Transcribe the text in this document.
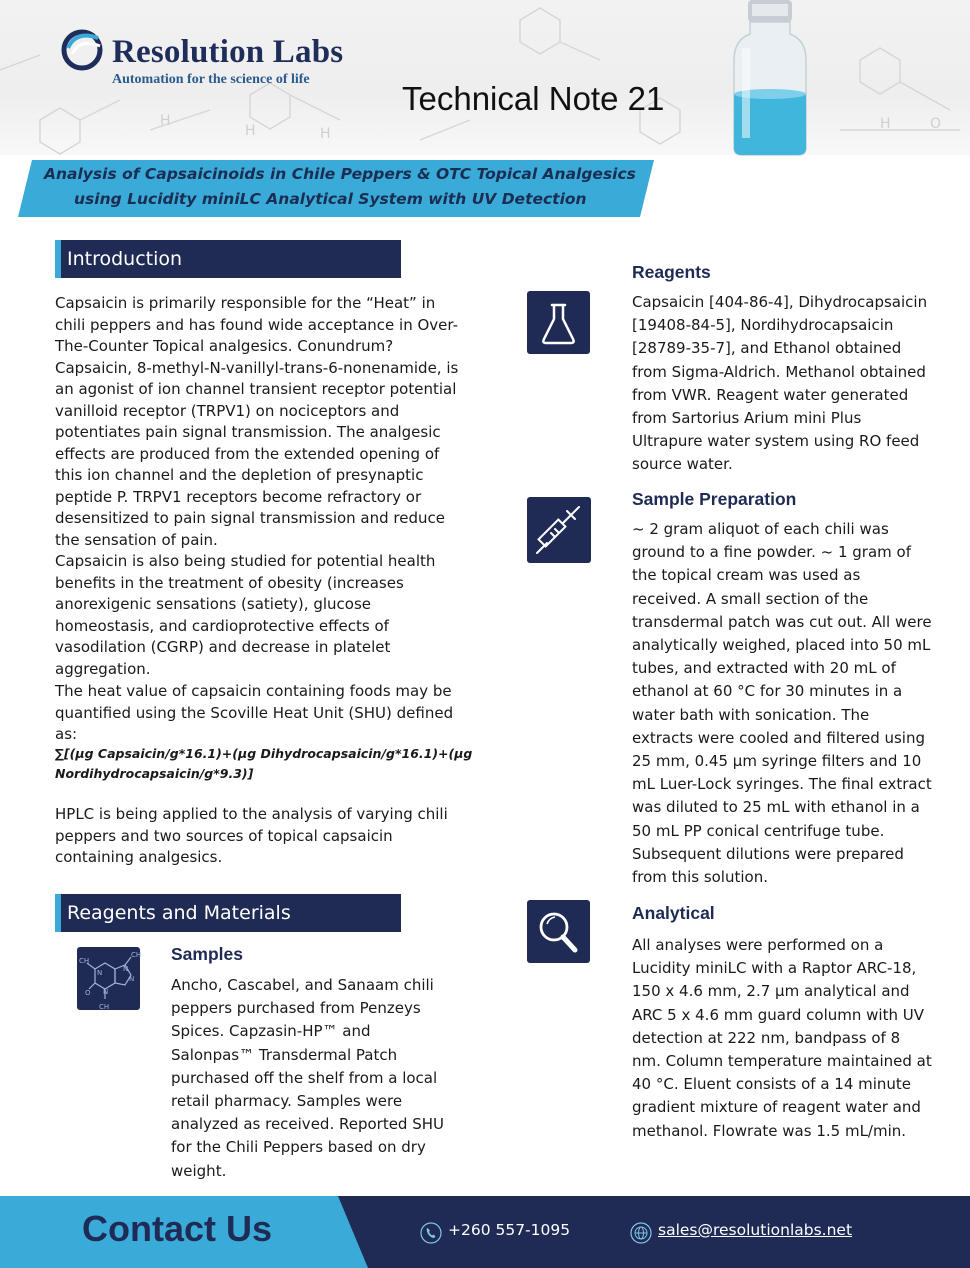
H
H	H
H	O
Resolution Labs
Automation for the science of life
Technical Note 21
Analysis of Capsaicinoids in Chile Peppers & OTC Topical Analgesics
using Lucidity miniLC Analytical System with UV Detection
Introduction
Capsaicin is primarily responsible for the “Heat” in chili peppers and has found wide acceptance in Over-The-Counter Topical analgesics. Conundrum? Capsaicin, 8-methyl-N-vanillyl-trans-6-nonenamide, is an agonist of ion channel transient receptor potential vanilloid receptor (TRPV1) on nociceptors and potentiates pain signal transmission. The analgesic effects are produced from the extended opening of this ion channel and the depletion of presynaptic peptide P. TRPV1 receptors become refractory or desensitized to pain signal transmission and reduce the sensation of pain.
Capsaicin is also being studied for potential health benefits in the treatment of obesity (increases anorexigenic sensations (satiety), glucose homeostasis, and cardioprotective effects of vasodilation (CGRP) and decrease in platelet aggregation.
The heat value of capsaicin containing foods may be quantified using the Scoville Heat Unit (SHU) defined as:
∑[(µg Capsaicin/g*16.1)+(µg Dihydrocapsaicin/g*16.1)+(µg Nordihydrocapsaicin/g*9.3)]
HPLC is being applied to the analysis of varying chili peppers and two sources of topical capsaicin containing analgesics.
Reagents and Materials
CH
CH
O
N	N
N
N
CH
Samples
Ancho, Cascabel, and Sanaam chili peppers purchased from Penzeys Spices. Capzasin-HP™ and Salonpas™ Transdermal Patch purchased off the shelf from a local retail pharmacy. Samples were analyzed as received. Reported SHU for the Chili Peppers based on dry weight.
Reagents
Capsaicin [404-86-4], Dihydrocapsaicin [19408-84-5], Nordihydrocapsaicin [28789-35-7], and Ethanol obtained from Sigma-Aldrich. Methanol obtained from VWR. Reagent water generated from Sartorius Arium mini Plus Ultrapure water system using RO feed source water.
Sample Preparation
~ 2 gram aliquot of each chili was ground to a fine powder. ~ 1 gram of the topical cream was used as received. A small section of the transdermal patch was cut out. All were analytically weighed, placed into 50 mL tubes, and extracted with 20 mL of ethanol at 60 °C for 30 minutes in a water bath with sonication. The extracts were cooled and filtered using 25 mm, 0.45 µm syringe filters and 10 mL Luer-Lock syringes. The final extract was diluted to 25 mL with ethanol in a 50 mL PP conical centrifuge tube. Subsequent dilutions were prepared from this solution.
Analytical
All analyses were performed on a Lucidity miniLC with a Raptor ARC-18, 150 x 4.6 mm, 2.7 µm analytical and ARC 5 x 4.6 mm guard column with UV detection at 222 nm, bandpass of 8 nm. Column temperature maintained at 40 °C. Eluent consists of a 14 minute gradient mixture of reagent water and methanol. Flowrate was 1.5 mL/min.
Contact Us	+260 557-1095	sales@resolutionlabs.net
